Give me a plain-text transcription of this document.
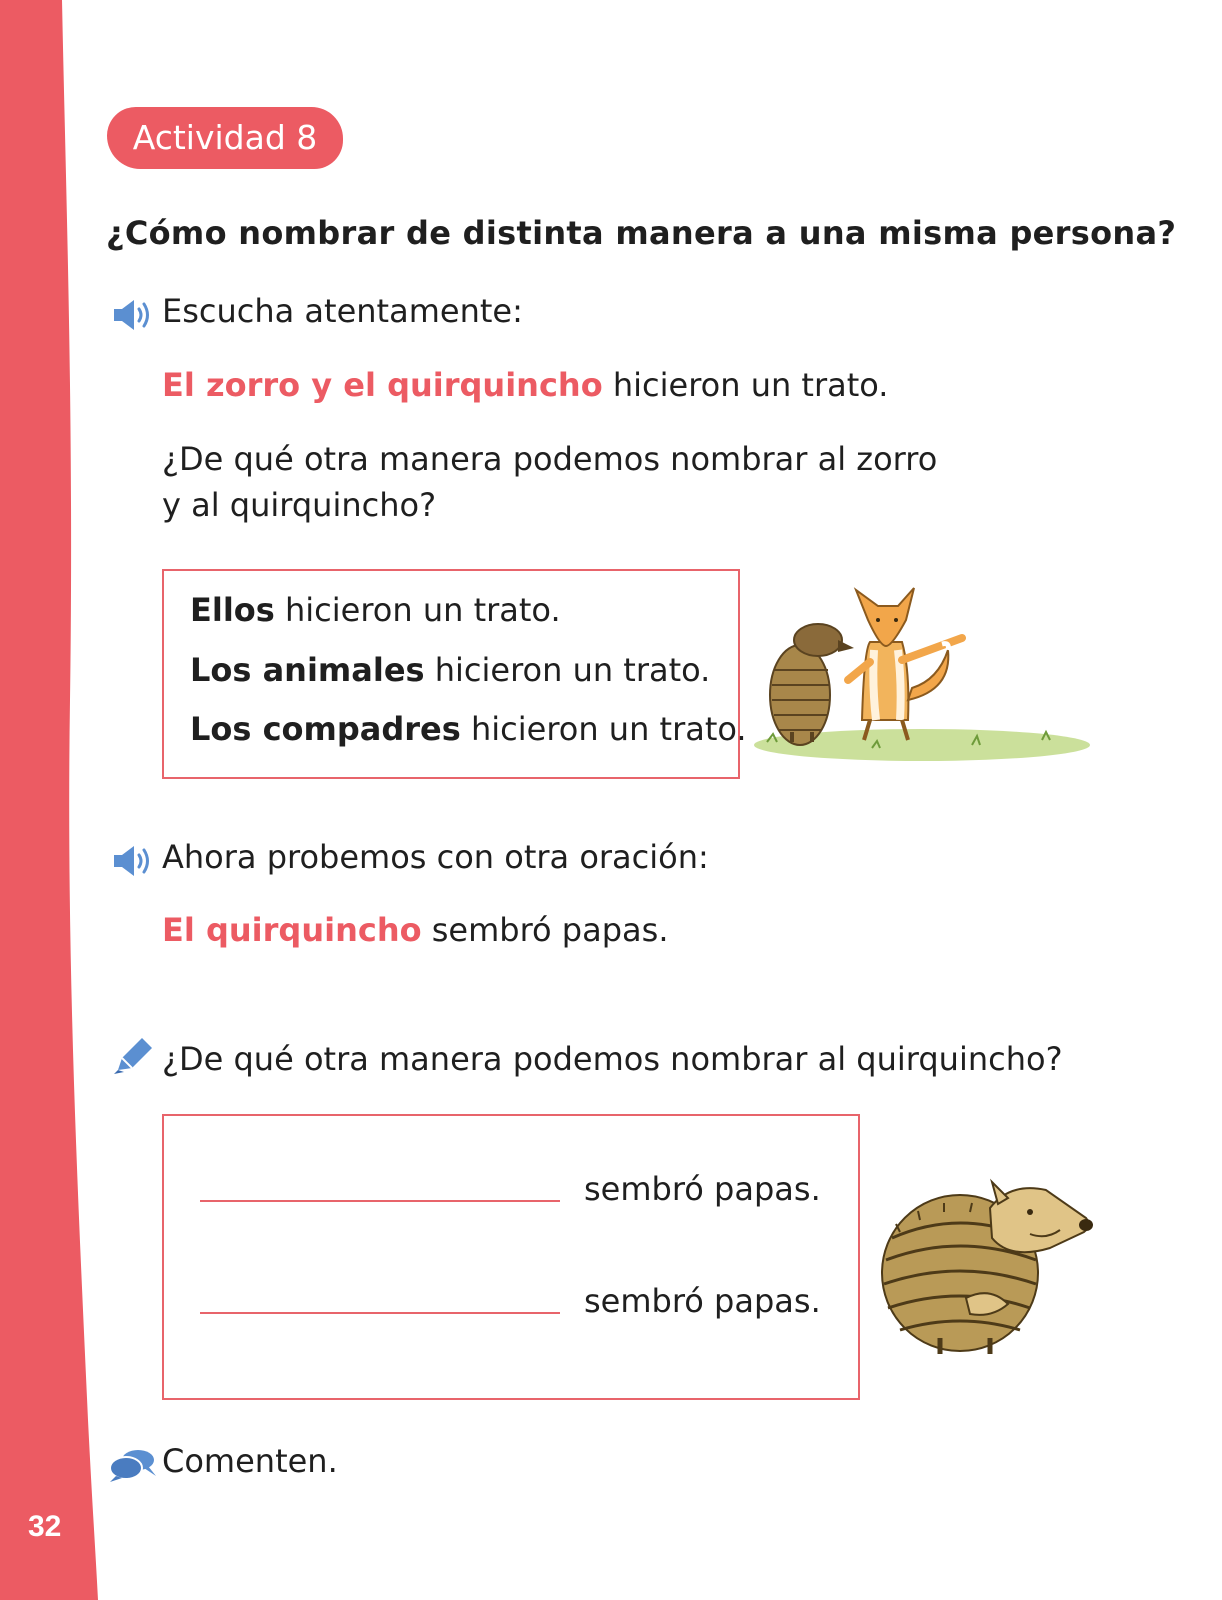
32
Actividad 8
¿Cómo nombrar de distinta manera a una misma persona?
Escucha atentamente:
El zorro y el quirquincho hicieron un trato.
¿De qué otra manera podemos nombrar al zorro
y al quirquincho?
Ellos hicieron un trato.
Los animales hicieron un trato.
Los compadres hicieron un trato.
Ahora probemos con otra oración:
El quirquincho sembró papas.
¿De qué otra manera podemos nombrar al quirquincho?
sembró papas.
sembró papas.
Comenten.
